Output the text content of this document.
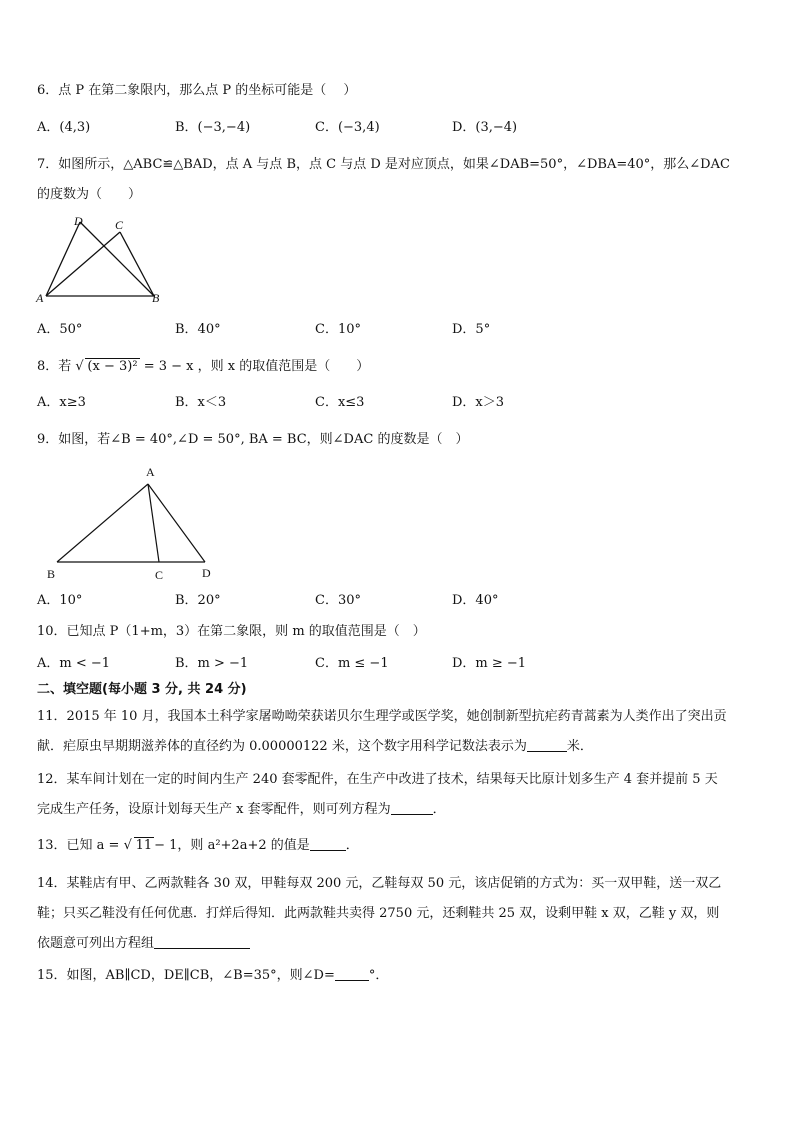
6．点 P 在第二象限内，那么点 P 的坐标可能是（　 ）
A．(4,3)	B．(−3,−4)	C．(−3,4)	D．(3,−4)
7．如图所示，△ABC≌△BAD，点 A 与点 B，点 C 与点 D 是对应顶点，如果∠DAB=50°，∠DBA=40°，那么∠DAC
的度数为（　　）
D	C
A	B
A．50°	B．40°	C．10°	D．5°
8．若 √ (x − 3)² = 3 − x ，则 x 的取值范围是（　　）
A．x≥3	B．x＜3	C．x≤3	D．x＞3
9．如图，若∠B = 40°,∠D = 50°, BA = BC，则∠DAC 的度数是（　）
A
B	C	D
A．10°	B．20°	C．30°	D．40°
10．已知点 P（1+m，3）在第二象限，则 m 的取值范围是（　）
A．m < −1	B．m > −1	C．m ≤ −1	D．m ≥ −1
二、填空题(每小题 3 分, 共 24 分)
11．2015 年 10 月，我国本土科学家屠呦呦荣获诺贝尔生理学或医学奖，她创制新型抗疟药青蒿素为人类作出了突出贡
献．疟原虫早期期滋养体的直径约为 0.00000122 米，这个数字用科学记数法表示为	米．
12．某车间计划在一定的时间内生产 240 套零配件，在生产中改进了技术，结果每天比原计划多生产 4 套并提前 5 天
完成生产任务，设原计划每天生产 x 套零配件，则可列方程为	．
13．已知 a = √ 11 − 1，则 a²+2a+2 的值是	．
14．某鞋店有甲、乙两款鞋各 30 双，甲鞋每双 200 元，乙鞋每双 50 元，该店促销的方式为：买一双甲鞋，送一双乙
鞋；只买乙鞋没有任何优惠．打烊后得知．此两款鞋共卖得 2750 元，还剩鞋共 25 双，设剩甲鞋 x 双，乙鞋 y 双，则
依题意可列出方程组
15．如图，AB∥CD，DE∥CB，∠B=35°，则∠D=	°．
